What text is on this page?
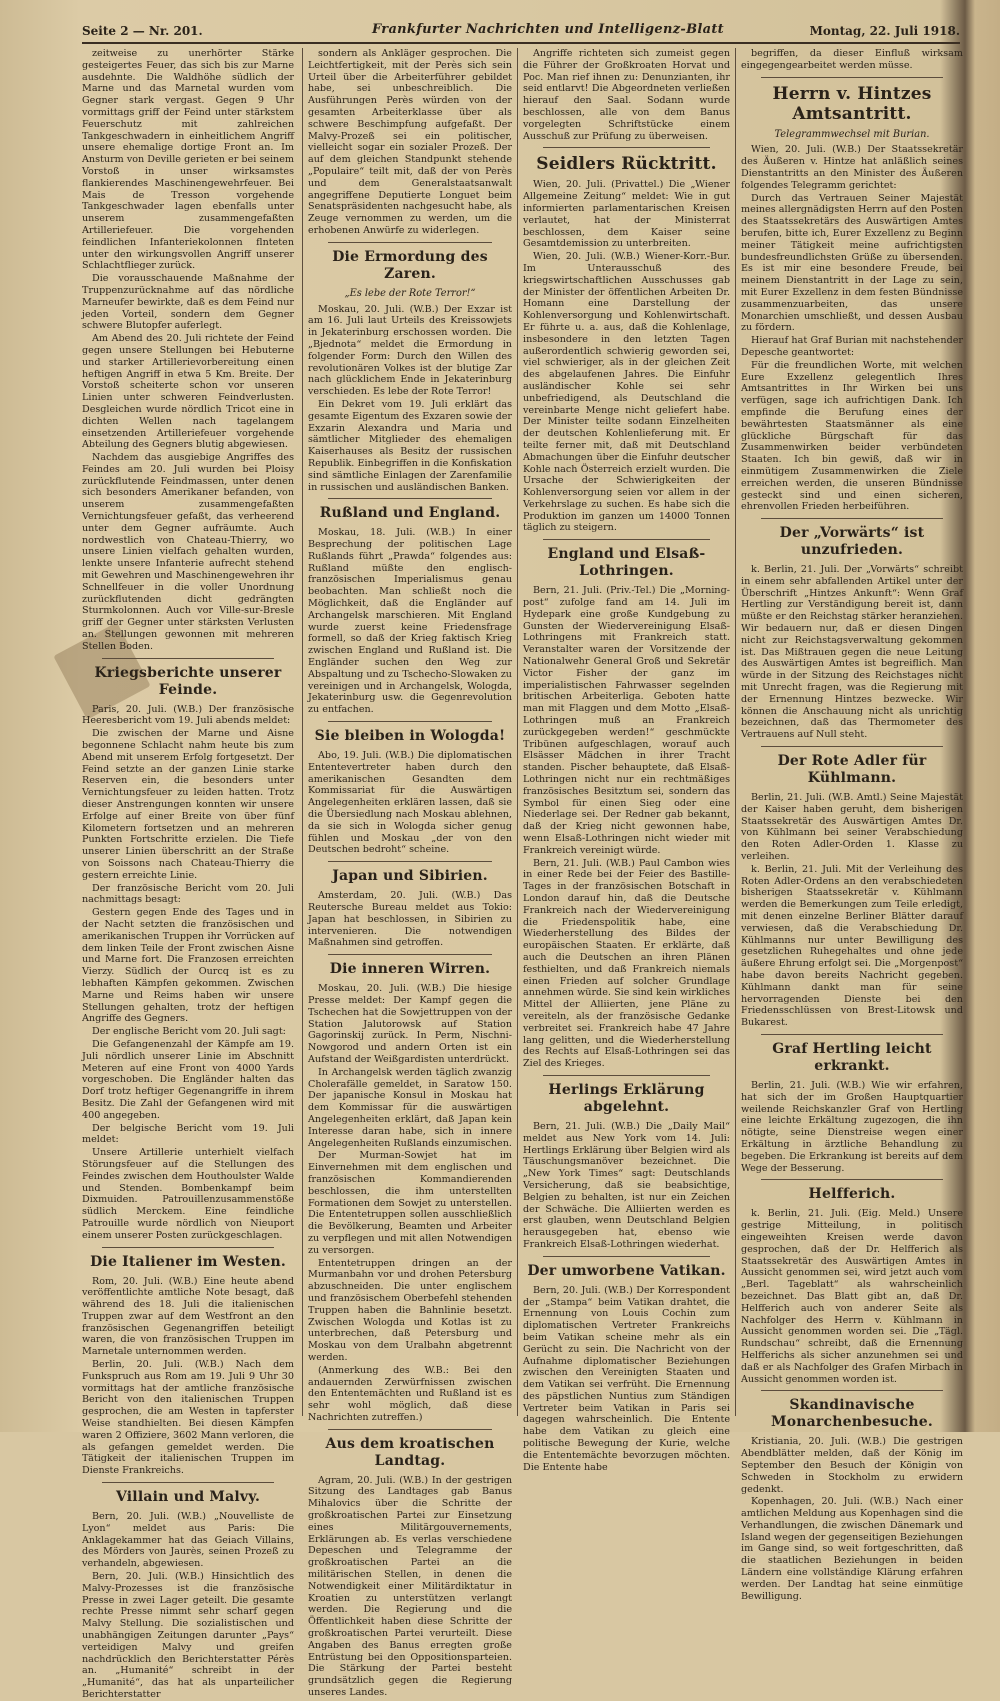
Seite 2 — Nr. 201.	Frankfurter Nachrichten und Intelligenz-Blatt	Montag, 22. Juli 1918.

zeitweise zu unerhörter Stärke gesteigertes Feuer, das sich bis zur Marne ausdehnte. Die Waldhöhe südlich der Marne und das Marnetal wurden vom Gegner stark vergast. Gegen 9 Uhr vormittags griff der Feind unter stärkstem Feuerschutz mit zahlreichen Tankgeschwadern in einheitlichem Angriff unsere ehemalige dortige Front an. Im Ansturm von Deville gerieten er bei seinem Vorstoß in unser wirksamstes flankierendes Maschinengewehrfeuer. Bei Mais de Tresson vorgehende Tankgeschwader lagen ebenfalls unter unserem zusammengefaßten Artilleriefeuer. Die vorgehenden feindlichen Infanteriekolonnen flnteten unter den wirkungsvollen Angriff unserer Schlachtflieger zurück.

Die vorausschauende Maßnahme der Truppenzurücknahme auf das nördliche Marneufer bewirkte, daß es dem Feind nur jeden Vorteil, sondern dem Gegner schwere Blutopfer auferlegt.

Am Abend des 20. Juli richtete der Feind gegen unsere Stellungen bei Hebuterne und starker Artillerievorbereitung einen heftigen Angriff in etwa 5 Km. Breite. Der Vorstoß scheiterte schon vor unseren Linien unter schweren Feindverlusten. Desgleichen wurde nördlich Tricot eine in dichten Wellen nach tagelangem einsetzenden Artilleriefeuer vorgehende Abteilung des Gegners blutig abgewiesen.

Nachdem das ausgiebige Angriffes des Feindes am 20. Juli wurden bei Ploisy zurückflutende Feindmassen, unter denen sich besonders Amerikaner befanden, von unserem zusammengefaßten Vernichtungsfeuer gefaßt, das verheerend unter dem Gegner aufräumte. Auch nordwestlich von Chateau-Thierry, wo unsere Linien vielfach gehalten wurden, lenkte unsere Infanterie aufrecht stehend mit Gewehren und Maschinengewehren ihr Schnellfeuer in die voller Unordnung zurückflutenden dicht gedrängten Sturmkolonnen. Auch vor Ville-sur-Bresle griff der Gegner unter stärksten Verlusten an. Stellungen gewonnen mit mehreren Stellen Boden.

Kriegsberichte unserer Feinde.

Paris, 20. Juli. (W.B.) Der französische Heeresbericht vom 19. Juli abends meldet:

Die zwischen der Marne und Aisne begonnene Schlacht nahm heute bis zum Abend mit unserem Erfolg fortgesetzt. Der Feind setzte an der ganzen Linie starke Reserven ein, die besonders unter Vernichtungsfeuer zu leiden hatten. Trotz dieser Anstrengungen konnten wir unsere Erfolge auf einer Breite von über fünf Kilometern fortsetzen und an mehreren Punkten Fortschritte erzielen. Die Tiefe unserer Linien überschritt an der Straße von Soissons nach Chateau-Thierry die gestern erreichte Linie.

Der französische Bericht vom 20. Juli nachmittags besagt:

Gestern gegen Ende des Tages und in der Nacht setzten die französischen und amerikanischen Truppen ihr Vorrücken auf dem linken Teile der Front zwischen Aisne und Marne fort. Die Franzosen erreichten Vierzy. Südlich der Ourcq ist es zu lebhaften Kämpfen gekommen. Zwischen Marne und Reims haben wir unsere Stellungen gehalten, trotz der heftigen Angriffe des Gegners.

Der englische Bericht vom 20. Juli sagt:

Die Gefangenenzahl der Kämpfe am 19. Juli nördlich unserer Linie im Abschnitt Meteren auf eine Front von 4000 Yards vorgeschoben. Die Engländer halten das Dorf trotz heftiger Gegenangriffe in ihrem Besitz. Die Zahl der Gefangenen wird mit 400 angegeben.

Der belgische Bericht vom 19. Juli meldet:

Unsere Artillerie unterhielt vielfach Störungsfeuer auf die Stellungen des Feindes zwischen dem Houthoulster Walde und Stenden. Bombenkampf beim Dixmuiden. Patrouillenzusammenstöße südlich Merckem. Eine feindliche Patrouille wurde nördlich von Nieuport einem unserer Posten zurückgeschlagen.

Die Italiener im Westen.

Rom, 20. Juli. (W.B.) Eine heute abend veröffentlichte amtliche Note besagt, daß während des 18. Juli die italienischen Truppen zwar auf dem Westfront an den französischen Gegenangriffen beteiligt waren, die von französischen Truppen im Marnetale unternommen werden.

Berlin, 20. Juli. (W.B.) Nach dem Funkspruch aus Rom am 19. Juli 9 Uhr 30 vormittags hat der amtliche französische Bericht von den italienischen Truppen gesprochen, die am Westen in tapferster Weise standhielten. Bei diesen Kämpfen waren 2 Offiziere, 3602 Mann verloren, die als gefangen gemeldet werden. Die Tätigkeit der italienischen Truppen im Dienste Frankreichs.

Villain und Malvy.

Bern, 20. Juli. (W.B.) „Nouvelliste de Lyon“ meldet aus Paris: Die Anklagekammer hat das Geiach Villains, des Mörders von Jaurès, seinen Prozeß zu verhandeln, abgewiesen.

Bern, 20. Juli. (W.B.) Hinsichtlich des Malvy-Prozesses ist die französische Presse in zwei Lager geteilt. Die gesamte rechte Presse nimmt sehr scharf gegen Malvy Stellung. Die sozialistischen und unabhängigen Zeitungen darunter „Pays“ verteidigen Malvy und greifen nachdrücklich den Berichterstatter Pérès an. „Humanité“ schreibt in der „Humanité“, das hat als unparteilicher Berichterstatter

sondern als Ankläger gesprochen. Die Leichtfertigkeit, mit der Perès sich sein Urteil über die Arbeiterführer gebildet habe, sei unbeschreiblich. Die Ausführungen Perès würden von der gesamten Arbeiterklasse über als schwere Beschimpfung aufgefaßt. Der Malvy-Prozeß sei ein politischer, vielleicht sogar ein sozialer Prozeß. Der auf dem gleichen Standpunkt stehende „Populaire“ teilt mit, daß der von Perès und dem Generalstaatsanwalt angegriffene Deputierte Longuet beim Senatspräsidenten nachgesucht habe, als Zeuge vernommen zu werden, um die erhobenen Anwürfe zu widerlegen.

Die Ermordung des Zaren.
„Es lebe der Rote Terror!“

Moskau, 20. Juli. (W.B.) Der Exzar ist am 16. Juli laut Urteils des Kreissowjets in Jekaterinburg erschossen worden. Die „Bjednota“ meldet die Ermordung in folgender Form: Durch den Willen des revolutionären Volkes ist der blutige Zar nach glücklichem Ende in Jekaterinburg verschieden. Es lebe der Rote Terror!

Ein Dekret vom 19. Juli erklärt das gesamte Eigentum des Exzaren sowie der Exzarin Alexandra und Maria und sämtlicher Mitglieder des ehemaligen Kaiserhauses als Besitz der russischen Republik. Einbegriffen in die Konfiskation sind sämtliche Einlagen der Zarenfamilie in russischen und ausländischen Banken.

Rußland und England.

Moskau, 18. Juli. (W.B.) In einer Besprechung der politischen Lage Rußlands führt „Prawda“ folgendes aus: Rußland müßte den englisch-französischen Imperialismus genau beobachten. Man schließt noch die Möglichkeit, daß die Engländer auf Archangelsk marschieren. Mit England wurde zuerst keine Friedensfrage formell, so daß der Krieg faktisch Krieg zwischen England und Rußland ist. Die Engländer suchen den Weg zur Abspaltung und zu Tschecho-Slowaken zu vereinigen und in Archangelsk, Wologda, Jekaterinburg usw. die Gegenrevolution zu entfachen.

Sie bleiben in Wologda!

Abo, 19. Juli. (W.B.) Die diplomatischen Ententevertreter haben durch den amerikanischen Gesandten dem Kommissariat für die Auswärtigen Angelegenheiten erklären lassen, daß sie die Übersiedlung nach Moskau ablehnen, da sie sich in Wologda sicher genug fühlen und Moskau „der von den Deutschen bedroht“ scheine.

Japan und Sibirien.

Amsterdam, 20. Juli. (W.B.) Das Reutersche Bureau meldet aus Tokio: Japan hat beschlossen, in Sibirien zu intervenieren. Die notwendigen Maßnahmen sind getroffen.

Die inneren Wirren.

Moskau, 20. Juli. (W.B.) Die hiesige Presse meldet: Der Kampf gegen die Tschechen hat die Sowjettruppen von der Station Jalutorowsk auf Station Gagorinskij zurück. In Perm, Nischni-Nowgorod und andern Orten ist ein Aufstand der Weißgardisten unterdrückt.

In Archangelsk werden täglich zwanzig Cholerafälle gemeldet, in Saratow 150. Der japanische Konsul in Moskau hat dem Kommissar für die auswärtigen Angelegenheiten erklärt, daß Japan kein Interesse daran habe, sich in innere Angelegenheiten Rußlands einzumischen.

Der Murman-Sowjet hat im Einvernehmen mit dem englischen und französischen Kommandierenden beschlossen, die ihm unterstellten Formationen dem Sowjet zu unterstellen. Die Ententetruppen sollen ausschließlich die Bevölkerung, Beamten und Arbeiter zu verpflegen und mit allen Notwendigen zu versorgen.

Ententetruppen dringen an der Murmanbahn vor und drohen Petersburg abzuschneiden. Die unter englischem und französischem Oberbefehl stehenden Truppen haben die Bahnlinie besetzt. Zwischen Wologda und Kotlas ist zu unterbrechen, daß Petersburg und Moskau von dem Uralbahn abgetrennt werden.

(Anmerkung des W.B.: Bei den andauernden Zerwürfnissen zwischen den Ententemächten und Rußland ist es sehr wohl möglich, daß diese Nachrichten zutreffen.)

Aus dem kroatischen Landtag.

Agram, 20. Juli. (W.B.) In der gestrigen Sitzung des Landtages gab Banus Mihalovics über die Schritte der großkroatischen Partei zur Einsetzung eines Militärgouvernements, Erklärungen ab. Es verlas verschiedene Depeschen und Telegramme der großkroatischen Partei an die militärischen Stellen, in denen die Notwendigkeit einer Militärdiktatur in Kroatien zu unterstützen verlangt werden. Die Regierung und die Öffentlichkeit haben diese Schritte der großkroatischen Partei verurteilt. Diese Angaben des Banus erregten große Entrüstung bei den Oppositionsparteien. Die Stärkung der Partei besteht grundsätzlich gegen die Regierung unseres Landes.

Angriffe richteten sich zumeist gegen die Führer der Großkroaten Horvat und Poc. Man rief ihnen zu: Denunzianten, ihr seid entlarvt! Die Abgeordneten verließen hierauf den Saal. Sodann wurde beschlossen, alle von dem Banus vorgelegten Schriftstücke einem Ausschuß zur Prüfung zu überweisen.

Seidlers Rücktritt.

Wien, 20. Juli. (Privattel.) Die „Wiener Allgemeine Zeitung“ meldet: Wie in gut informierten parlamentarischen Kreisen verlautet, hat der Ministerrat beschlossen, dem Kaiser seine Gesamtdemission zu unterbreiten.

Wien, 20. Juli. (W.B.) Wiener-Korr.-Bur. Im Unterausschuß des kriegswirtschaftlichen Ausschusses gab der Minister der öffentlichen Arbeiten Dr. Homann eine Darstellung der Kohlenversorgung und Kohlenwirtschaft. Er führte u. a. aus, daß die Kohlenlage, insbesondere in den letzten Tagen außerordentlich schwierig geworden sei, viel schwieriger, als in der gleichen Zeit des abgelaufenen Jahres. Die Einfuhr ausländischer Kohle sei sehr unbefriedigend, als Deutschland die vereinbarte Menge nicht geliefert habe. Der Minister teilte sodann Einzelheiten der deutschen Kohlenlieferung mit. Er teilte ferner mit, daß mit Deutschland Abmachungen über die Einfuhr deutscher Kohle nach Österreich erzielt wurden. Die Ursache der Schwierigkeiten der Kohlenversorgung seien vor allem in der Verkehrslage zu suchen. Es habe sich die Produktion im ganzen um 14000 Tonnen täglich zu steigern.

England und Elsaß-Lothringen.

Bern, 21. Juli. (Priv.-Tel.) Die „Morning-post“ zufolge fand am 14. Juli im Hydepark eine große Kundgebung zu Gunsten der Wiedervereinigung Elsaß-Lothringens mit Frankreich statt. Veranstalter waren der Vorsitzende der Nationalwehr General Groß und Sekretär Victor Fisher der ganz im imperialistischen Fahrwasser segelnden britischen Arbeiterliga. Geboten hatte man mit Flaggen und dem Motto „Elsaß-Lothringen muß an Frankreich zurückgegeben werden!“ geschmückte Tribünen aufgeschlagen, worauf auch Elsässer Mädchen in ihrer Tracht standen. Pischer behauptete, daß Elsaß-Lothringen nicht nur ein rechtmäßiges französisches Besitztum sei, sondern das Symbol für einen Sieg oder eine Niederlage sei. Der Redner gab bekannt, daß der Krieg nicht gewonnen habe, wenn Elsaß-Lothringen nicht wieder mit Frankreich vereinigt würde.

Bern, 21. Juli. (W.B.) Paul Cambon wies in einer Rede bei der Feier des Bastille-Tages in der französischen Botschaft in London darauf hin, daß die Deutsche Frankreich nach der Wiedervereinigung die Friedenspolitik habe, eine Wiederherstellung des Bildes der europäischen Staaten. Er erklärte, daß auch die Deutschen an ihren Plänen festhielten, und daß Frankreich niemals einen Frieden auf solcher Grundlage annehmen würde. Sie sind kein wirkliches Mittel der Alliierten, jene Pläne zu vereiteln, als der französische Gedanke verbreitet sei. Frankreich habe 47 Jahre lang gelitten, und die Wiederherstellung des Rechts auf Elsaß-Lothringen sei das Ziel des Krieges.

Herlings Erklärung abgelehnt.

Bern, 21. Juli. (W.B.) Die „Daily Mail“ meldet aus New York vom 14. Juli: Hertlings Erklärung über Belgien wird als Täuschungsmanöver bezeichnet. Die „New York Times“ sagt: Deutschlands Versicherung, daß sie beabsichtige, Belgien zu behalten, ist nur ein Zeichen der Schwäche. Die Alliierten werden es erst glauben, wenn Deutschland Belgien herausgegeben hat, ebenso wie Frankreich Elsaß-Lothringen wiederhat.

Der umworbene Vatikan.

Bern, 20. Juli. (W.B.) Der Korrespondent der „Stampa“ beim Vatikan drahtet, die Ernennung von Louis Cochin zum diplomatischen Vertreter Frankreichs beim Vatikan scheine mehr als ein Gerücht zu sein. Die Nachricht von der Aufnahme diplomatischer Beziehungen zwischen den Vereinigten Staaten und dem Vatikan sei verfrüht. Die Ernennung des päpstlichen Nuntius zum Ständigen Vertreter beim Vatikan in Paris sei dagegen wahrscheinlich. Die Entente habe dem Vatikan zu gleich eine politische Bewegung der Kurie, welche die Ententemächte bevorzugen möchten. Die Entente habe

begriffen, da dieser Einfluß wirksam eingegengearbeitet werden müsse.

Herrn v. Hintzes Amtsantritt.
Telegrammwechsel mit Burian.

Wien, 20. Juli. (W.B.) Der Staatssekretär des Äußeren v. Hintze hat anläßlich seines Dienstantritts an den Minister des Äußeren folgendes Telegramm gerichtet:

Durch das Vertrauen Seiner Majestät meines allergnädigsten Herrn auf den Posten des Staatssekretärs des Auswärtigen Amtes berufen, bitte ich, Eurer Exzellenz zu Beginn meiner Tätigkeit meine aufrichtigsten bundesfreundlichsten Grüße zu übersenden. Es ist mir eine besondere Freude, bei meinem Dienstantritt in der Lage zu sein, mit Eurer Exzellenz in dem festen Bündnisse zusammenzuarbeiten, das unsere Monarchien umschließt, und dessen Ausbau zu fördern.

Hierauf hat Graf Burian mit nachstehender Depesche geantwortet:

Für die freundlichen Worte, mit welchen Eure Exzellenz gelegentlich Ihres Amtsantrittes in Ihr Wirken bei uns verfügen, sage ich aufrichtigen Dank. Ich empfinde die Berufung eines der bewährtesten Staatsmänner als eine glückliche Bürgschaft für das Zusammenwirken beider verbündeten Staaten. Ich bin gewiß, daß wir in einmütigem Zusammenwirken die Ziele erreichen werden, die unseren Bündnisse gesteckt sind und einen sicheren, ehrenvollen Frieden herbeiführen.

Der „Vorwärts“ ist unzufrieden.

k. Berlin, 21. Juli. Der „Vorwärts“ schreibt in einem sehr abfallenden Artikel unter der Überschrift „Hintzes Ankunft“: Wenn Graf Hertling zur Verständigung bereit ist, dann müßte er den Reichstag stärker heranziehen. Wir bedauern nur, daß er diesen Dingen nicht zur Reichstagsverwaltung gekommen ist. Das Mißtrauen gegen die neue Leitung des Auswärtigen Amtes ist begreiflich. Man würde in der Sitzung des Reichstages nicht mit Unrecht fragen, was die Regierung mit der Ernennung Hintzes bezwecke. Wir können die Anschauung nicht als unrichtig bezeichnen, daß das Thermometer des Vertrauens auf Null steht.

Der Rote Adler für Kühlmann.

Berlin, 21. Juli. (W.B. Amtl.) Seine Majestät der Kaiser haben geruht, dem bisherigen Staatssekretär des Auswärtigen Amtes Dr. von Kühlmann bei seiner Verabschiedung den Roten Adler-Orden 1. Klasse zu verleihen.

k. Berlin, 21. Juli. Mit der Verleihung des Roten Adler-Ordens an den verabschiedeten bisherigen Staatssekretär v. Kühlmann werden die Bemerkungen zum Teile erledigt, mit denen einzelne Berliner Blätter darauf verwiesen, daß die Verabschiedung Dr. Kühlmanns nur unter Bewilligung des gesetzlichen Ruhegehaltes und ohne jede äußere Ehrung erfolgt sei. Die „Morgenpost“ habe davon bereits Nachricht gegeben. Kühlmann dankt man für seine hervorragenden Dienste bei den Friedensschlüssen von Brest-Litowsk und Bukarest.

Graf Hertling leicht erkrankt.

Berlin, 21. Juli. (W.B.) Wie wir erfahren, hat sich der im Großen Hauptquartier weilende Reichskanzler Graf von Hertling eine leichte Erkältung zugezogen, die ihn nötigte, seine Dienstreise wegen einer Erkältung in ärztliche Behandlung zu begeben. Die Erkrankung ist bereits auf dem Wege der Besserung.

Helfferich.

k. Berlin, 21. Juli. (Eig. Meld.) Unsere gestrige Mitteilung, in politisch eingeweihten Kreisen werde davon gesprochen, daß der Dr. Helfferich als Staatssekretär des Auswärtigen Amtes in Aussicht genommen sei, wird jetzt auch vom „Berl. Tageblatt“ als wahrscheinlich bezeichnet. Das Blatt gibt an, daß Dr. Helfferich auch von anderer Seite als Nachfolger des Herrn v. Kühlmann in Aussicht genommen worden sei. Die „Tägl. Rundschau“ schreibt, daß die Ernennung Helfferichs als sicher anzunehmen sei und daß er als Nachfolger des Grafen Mirbach in Aussicht genommen worden ist.

Skandinavische Monarchenbesuche.

Kristiania, 20. Juli. (W.B.) Die gestrigen Abendblätter melden, daß der König im September den Besuch der Königin von Schweden in Stockholm zu erwidern gedenkt.

Kopenhagen, 20. Juli. (W.B.) Nach einer amtlichen Meldung aus Kopenhagen sind die Verhandlungen, die zwischen Dänemark und Island wegen der gegenseitigen Beziehungen im Gange sind, so weit fortgeschritten, daß die staatlichen Beziehungen in beiden Ländern eine vollständige Klärung erfahren werden. Der Landtag hat seine einmütige Bewilligung.
